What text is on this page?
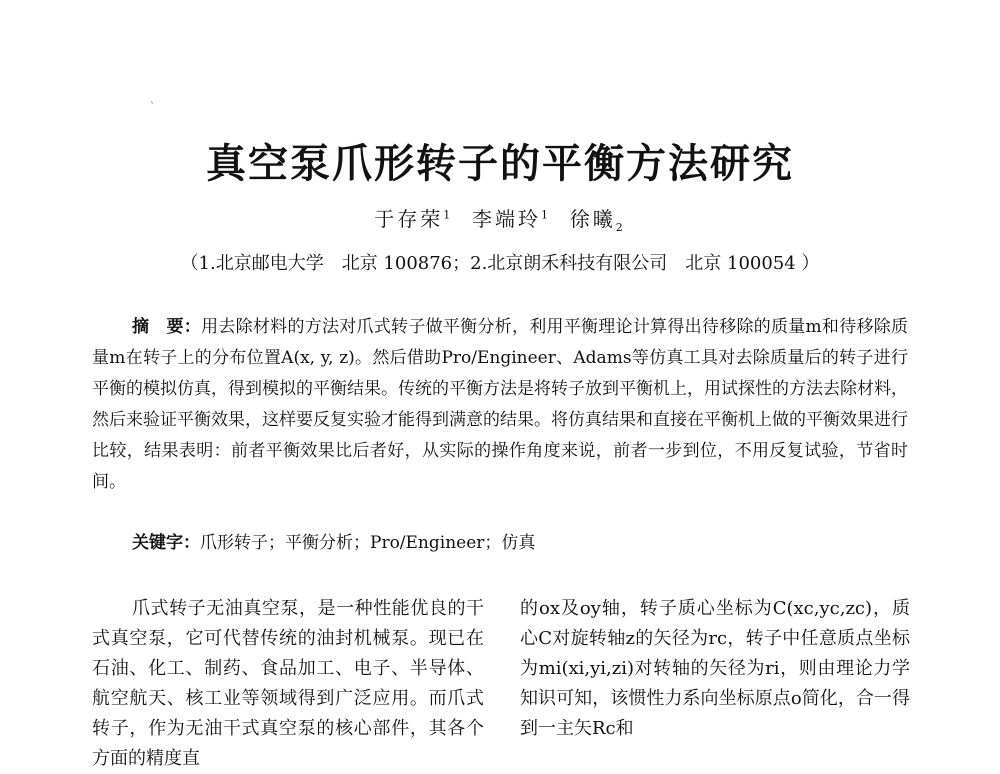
`
真空泵爪形转子的平衡方法研究
于存荣$^1$ 李端玲$^1$ 徐曦$_2$
（1.北京邮电大学　北京 100876；2.北京朗禾科技有限公司　北京 100054 ）
摘　要：用去除材料的方法对爪式转子做平衡分析，利用平衡理论计算得出待移除的质量m和待移除质量m在转子上的分布位置A(x, y, z)。然后借助Pro/Engineer、Adams等仿真工具对去除质量后的转子进行平衡的模拟仿真，得到模拟的平衡结果。传统的平衡方法是将转子放到平衡机上，用试探性的方法去除材料，然后来验证平衡效果，这样要反复实验才能得到满意的结果。将仿真结果和直接在平衡机上做的平衡效果进行比较，结果表明：前者平衡效果比后者好，从实际的操作角度来说，前者一步到位，不用反复试验，节省时间。
关键字：爪形转子；平衡分析；Pro/Engineer；仿真
爪式转子无油真空泵，是一种性能优良的干式真空泵，它可代替传统的油封机械泵。现已在石油、化工、制药、食品加工、电子、半导体、航空航天、核工业等领域得到广泛应用。而爪式转子，作为无油干式真空泵的核心部件，其各个方面的精度直
的ox及oy轴，转子质心坐标为C(xc,yc,zc)，质心C对旋转轴z的矢径为rc，转子中任意质点坐标为mi(xi,yi,zi)对转轴的矢径为ri，则由理论力学知识可知，该惯性力系向坐标原点o简化，合一得到一主矢Rc和
